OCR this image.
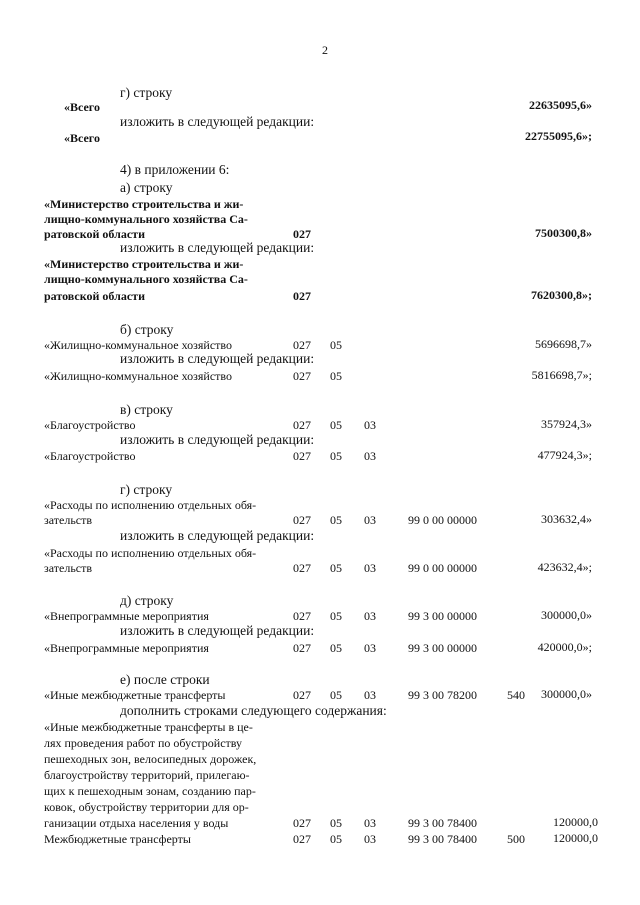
2
г) строку
«Всего	22635095,6»
изложить в следующей редакции:
«Всего	22755095,6»;
4) в приложении 6:
а) строку
«Министерство строительства и жи-
лищно-коммунального хозяйства Са-
ратовской области	027	7500300,8»
изложить в следующей редакции:
«Министерство строительства и жи-
лищно-коммунального хозяйства Са-
ратовской области	027	7620300,8»;
б) строку
«Жилищно-коммунальное хозяйство	027 05	5696698,7»
изложить в следующей редакции:
«Жилищно-коммунальное хозяйство	027 05	5816698,7»;
в) строку
«Благоустройство	027 05 03	357924,3»
изложить в следующей редакции:
«Благоустройство	027 05 03	477924,3»;
г) строку
«Расходы по исполнению отдельных обя-
зательств	027 05 03	99 0 00 00000	303632,4»
изложить в следующей редакции:
«Расходы по исполнению отдельных обя-
зательств	027 05 03	99 0 00 00000	423632,4»;
д) строку
«Внепрограммные мероприятия	027 05 03	99 3 00 00000	300000,0»
изложить в следующей редакции:
«Внепрограммные мероприятия	027 05 03	99 3 00 00000	420000,0»;
е) после строки
«Иные межбюджетные трансферты	027 05 03	99 3 00 78200	540 300000,0»
дополнить строками следующего содержания:
«Иные межбюджетные трансферты в це-
лях проведения работ по обустройству
пешеходных зон, велосипедных дорожек,
благоустройству территорий, прилегаю-
щих к пешеходным зонам, созданию пар-
ковок, обустройству территории для ор-
ганизации отдыха населения у воды	027 05 03	99 3 00 78400	120000,0
Межбюджетные трансферты	027 05 03	99 3 00 78400	500 120000,0
